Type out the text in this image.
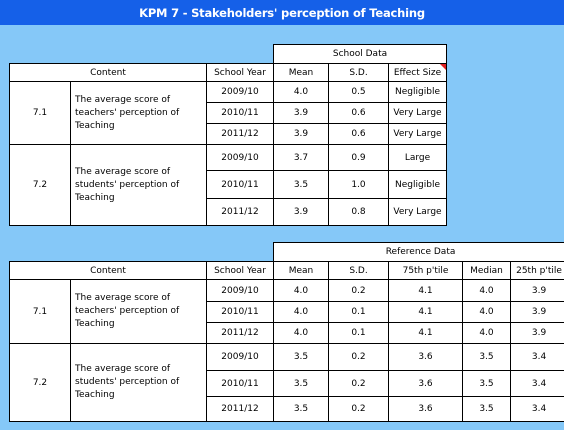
KPM 7 - Stakeholders' perception of Teaching
			School Data		
Content		School Year	Mean	S.D.	Effect Size

7.1	The average score of teachers' perception of Teaching	2009/10	4.0	0.5	Negligible
		2010/11	3.9	0.6	Very Large
		2011/12	3.9	0.6	Very Large
7.2	The average score of students' perception of Teaching	2009/10	3.7	0.9	Large
		2010/11	3.5	1.0	Negligible
		2011/12	3.9	0.8	Very Large
			Reference Data				
Content		School Year	Mean	S.D.	75th p'tile	Median	25th p'tile
7.1	The average score of teachers' perception of Teaching	2009/10	4.0	0.2	4.1	4.0	3.9
		2010/11	4.0	0.1	4.1	4.0	3.9
		2011/12	4.0	0.1	4.1	4.0	3.9
7.2	The average score of students' perception of Teaching	2009/10	3.5	0.2	3.6	3.5	3.4
		2010/11	3.5	0.2	3.6	3.5	3.4
		2011/12	3.5	0.2	3.6	3.5	3.4
